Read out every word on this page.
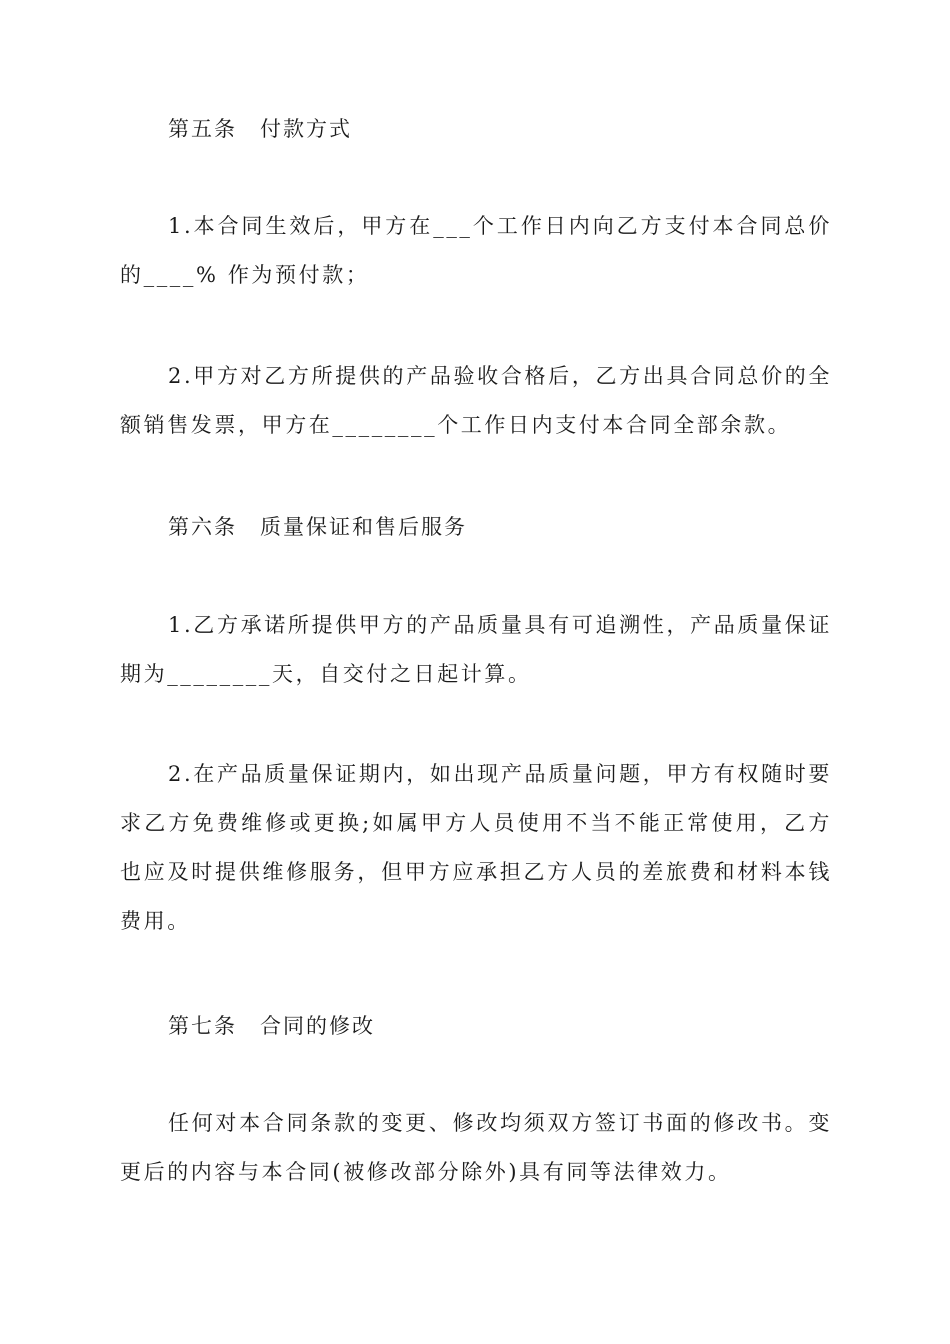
第五条　付款方式
1.本合同生效后，甲方在___个工作日内向乙方支付本合同总价的____% 作为预付款；
2.甲方对乙方所提供的产品验收合格后，乙方出具合同总价的全额销售发票，甲方在________个工作日内支付本合同全部余款。
第六条　质量保证和售后服务
1.乙方承诺所提供甲方的产品质量具有可追溯性，产品质量保证期为________天，自交付之日起计算。
2.在产品质量保证期内，如出现产品质量问题，甲方有权随时要求乙方免费维修或更换;如属甲方人员使用不当不能正常使用，乙方也应及时提供维修服务，但甲方应承担乙方人员的差旅费和材料本钱费用。
第七条　合同的修改
任何对本合同条款的变更、修改均须双方签订书面的修改书。变更后的内容与本合同(被修改部分除外)具有同等法律效力。
